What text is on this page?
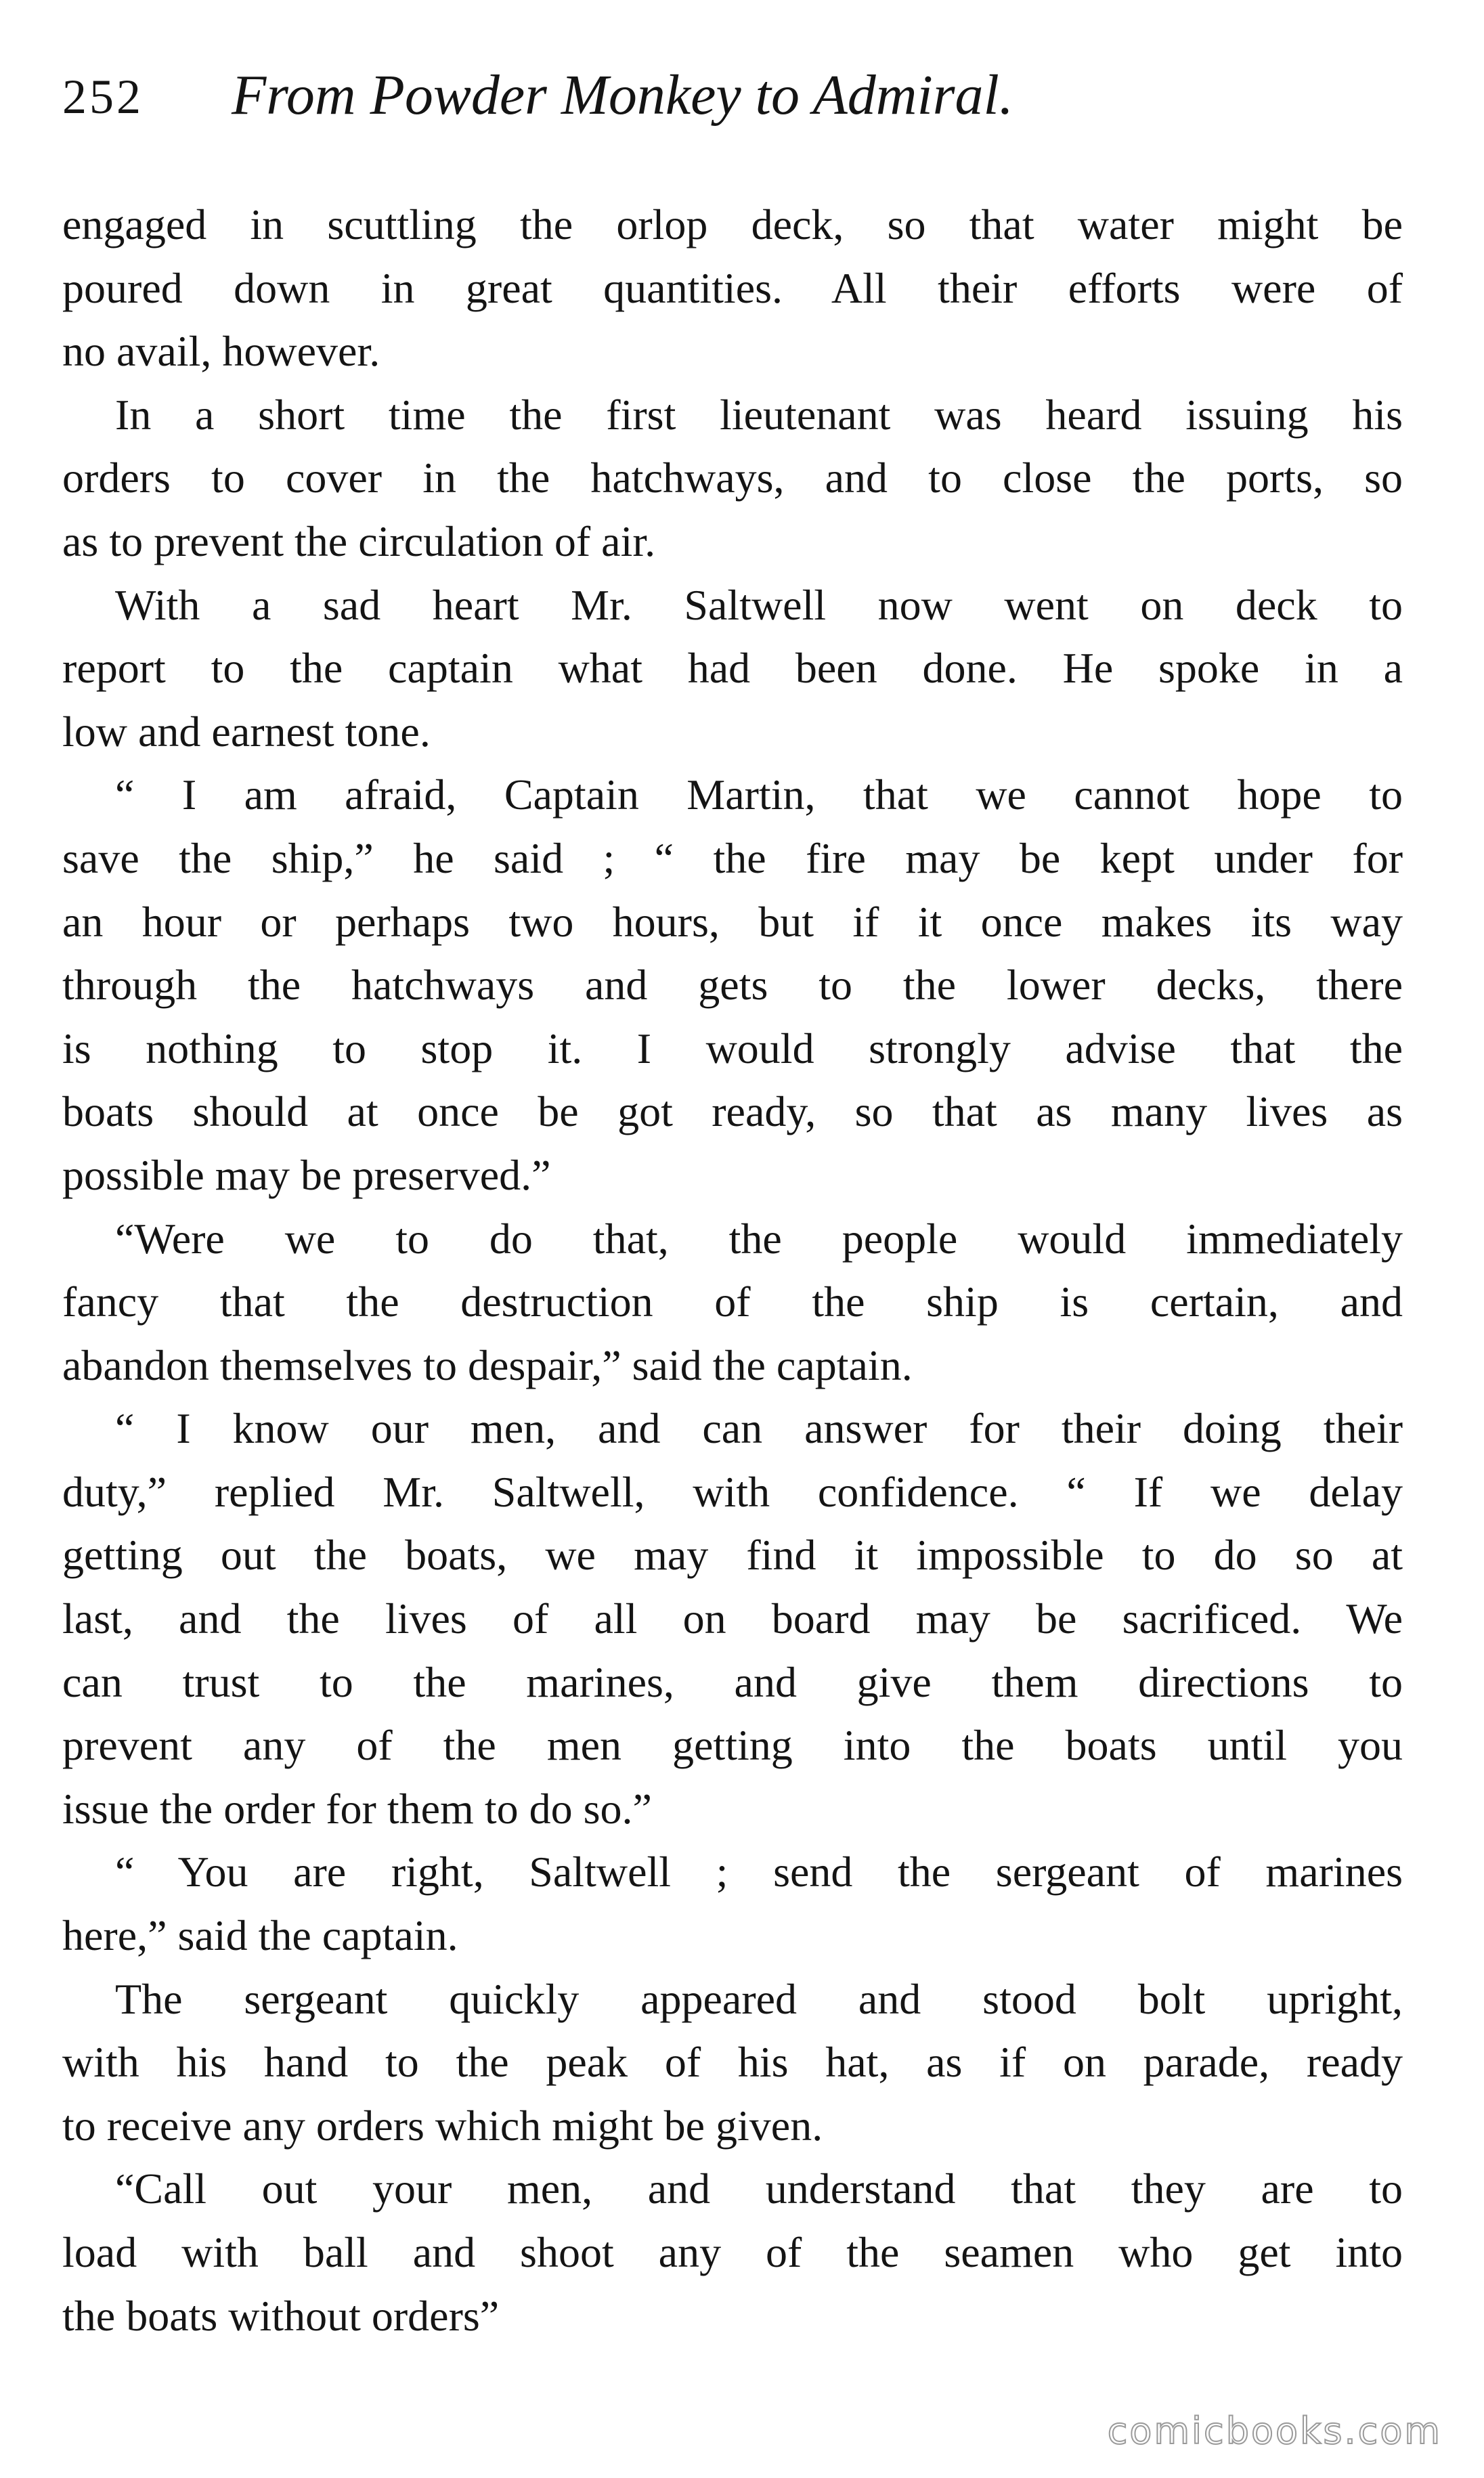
252 From Powder Monkey to Admiral.
engaged in scuttling the orlop deck, so that water might be
poured down in great quantities. All their efforts were of
no avail, however.
In a short time the first lieutenant was heard issuing his
orders to cover in the hatchways, and to close the ports, so
as to prevent the circulation of air.
With a sad heart Mr. Saltwell now went on deck to
report to the captain what had been done. He spoke in a
low and earnest tone.
“ I am afraid, Captain Martin, that we cannot hope to
save the ship,” he said ; “ the fire may be kept under for
an hour or perhaps two hours, but if it once makes its way
through the hatchways and gets to the lower decks, there
is nothing to stop it. I would strongly advise that the
boats should at once be got ready, so that as many lives as
possible may be preserved.”
“Were we to do that, the people would immediately
fancy that the destruction of the ship is certain, and
abandon themselves to despair,” said the captain.
“ I know our men, and can answer for their doing their
duty,” replied Mr. Saltwell, with confidence. “ If we delay
getting out the boats, we may find it impossible to do so at
last, and the lives of all on board may be sacrificed. We
can trust to the marines, and give them directions to
prevent any of the men getting into the boats until you
issue the order for them to do so.”
“ You are right, Saltwell ; send the sergeant of marines
here,” said the captain.
The sergeant quickly appeared and stood bolt upright,
with his hand to the peak of his hat, as if on parade, ready
to receive any orders which might be given.
“Call out your men, and understand that they are to
load with ball and shoot any of the seamen who get into
the boats without orders”
comicbooks.com
